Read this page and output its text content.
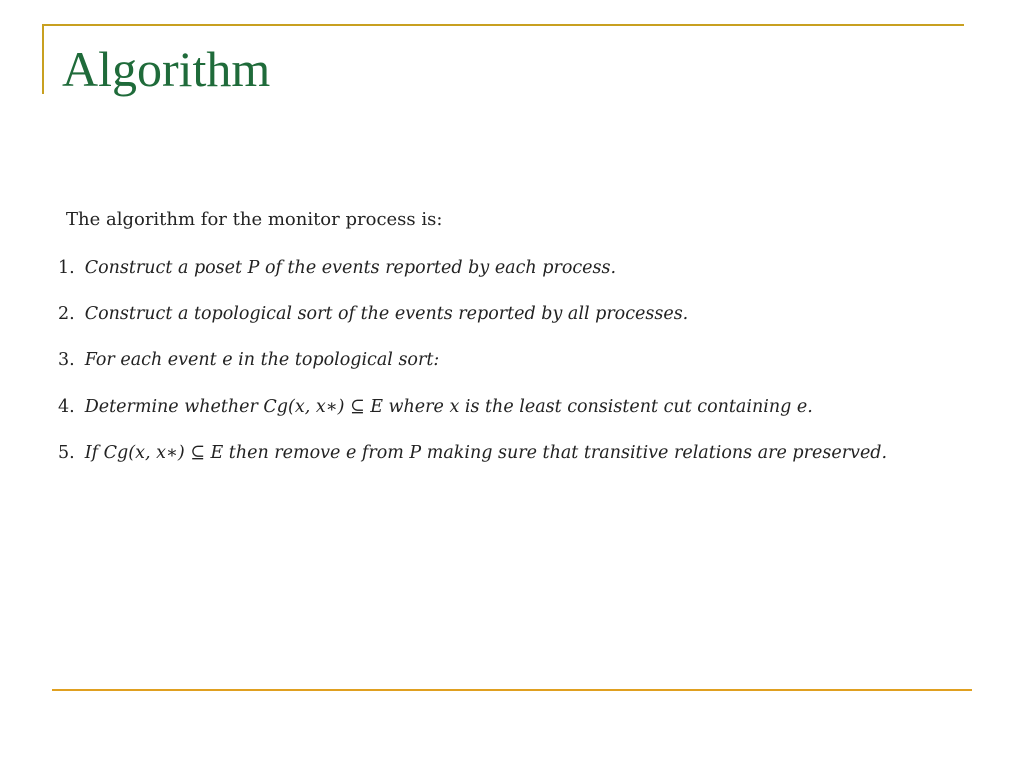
Algorithm
The algorithm for the monitor process is:
1. Construct a poset P of the events reported by each process.
2. Construct a topological sort of the events reported by all processes.
3. For each event e in the topological sort:
4. Determine whether Cg(x, x∗) ⊆ E where x is the least consistent cut containing e.
5. If Cg(x, x∗) ⊆ E then remove e from P making sure that transitive relations are preserved.
